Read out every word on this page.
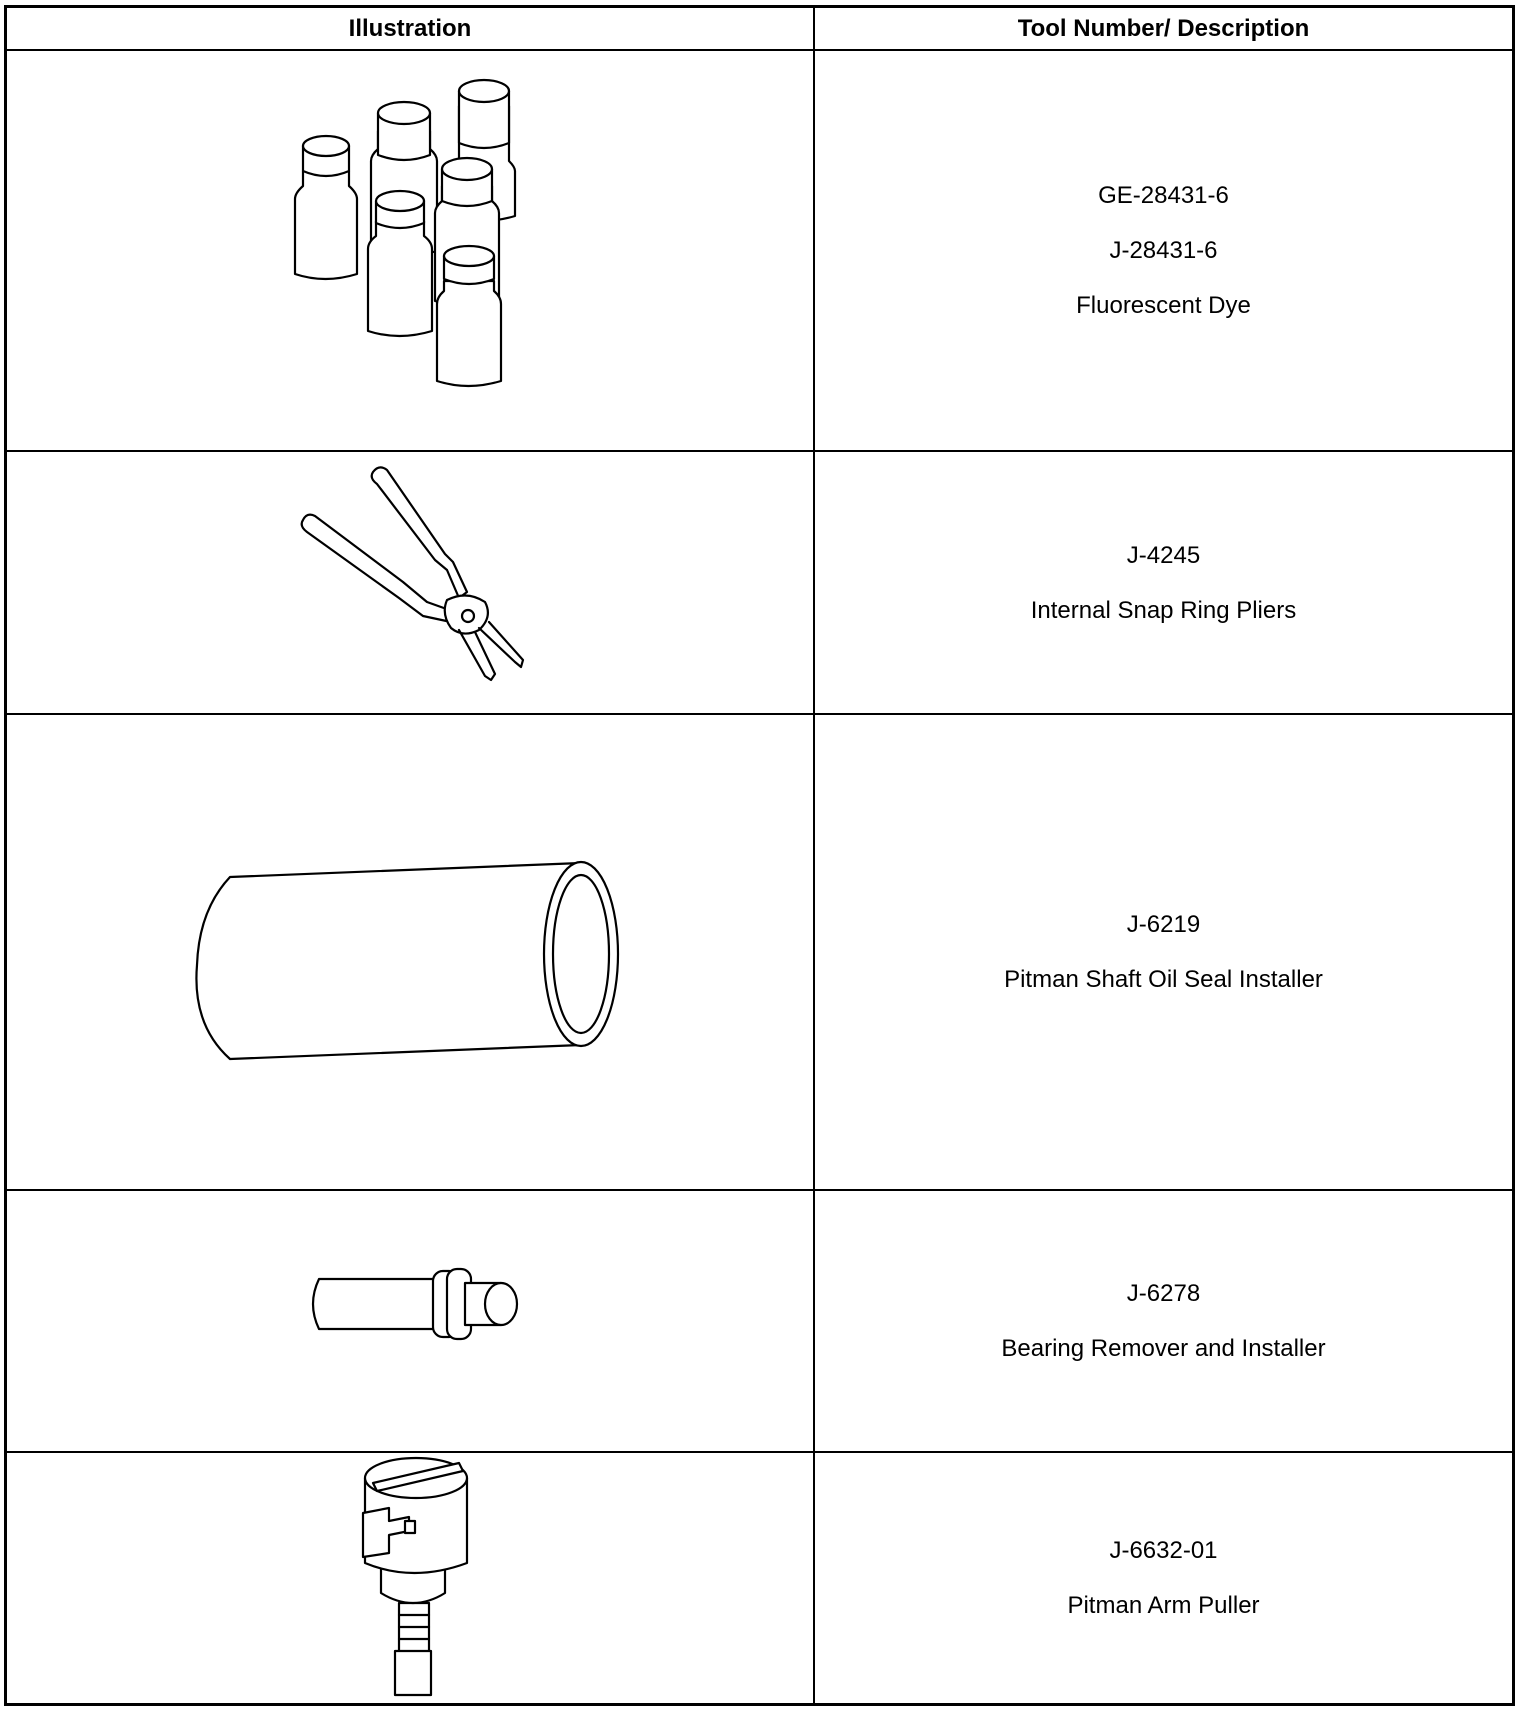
Illustration	Tool Number/ Description
GE-28431-6
J-28431-6
Fluorescent Dye
J-4245
Internal Snap Ring Pliers
J-6219
Pitman Shaft Oil Seal Installer
J-6278
Bearing Remover and Installer
J-6632-01
Pitman Arm Puller
